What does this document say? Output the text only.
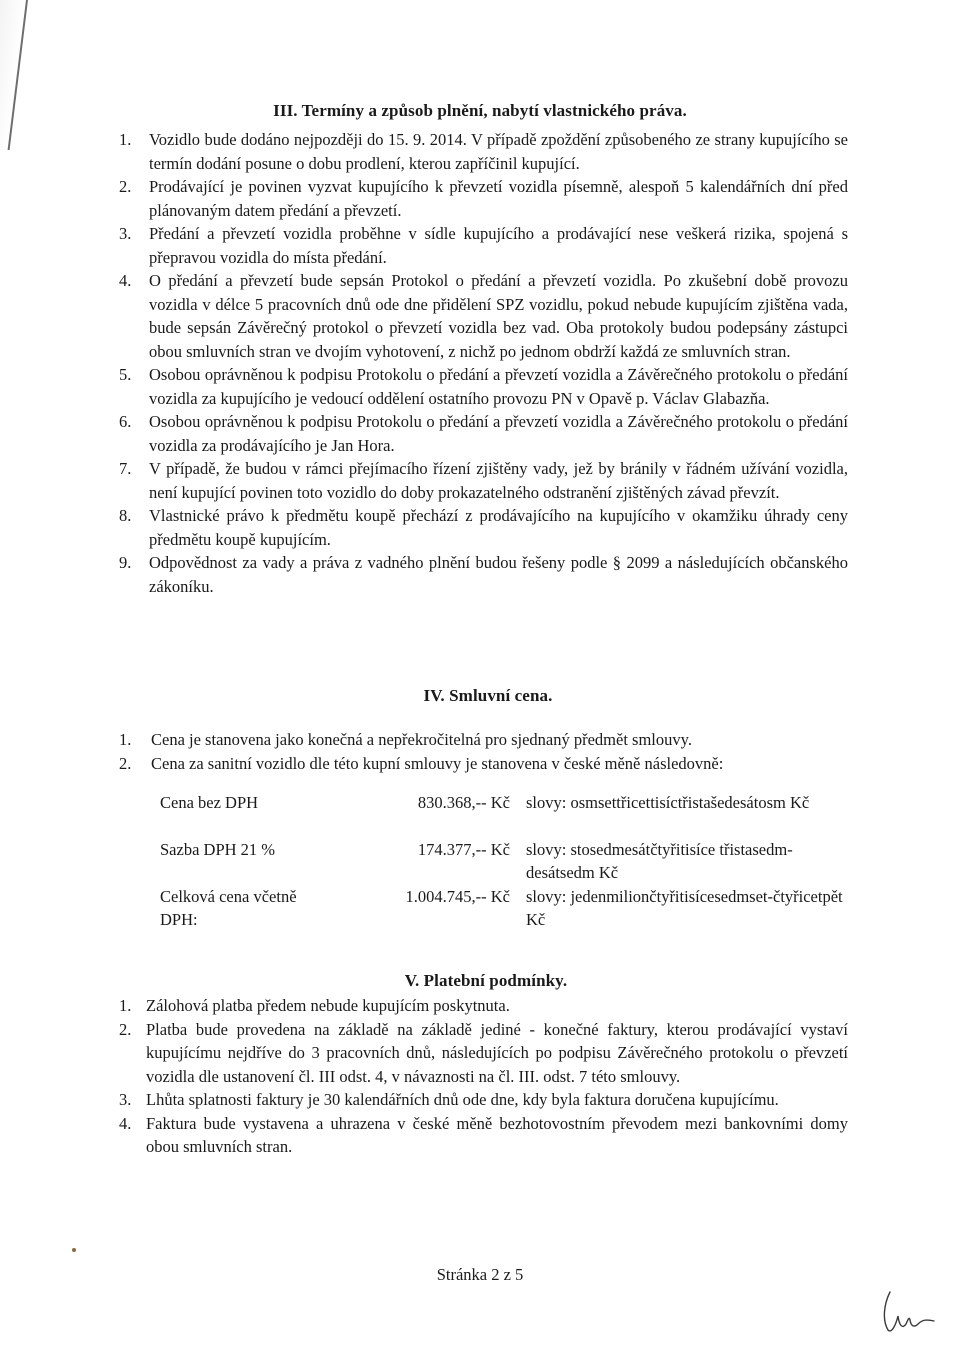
III. Termíny a způsob plnění, nabytí vlastnického práva.
1. Vozidlo bude dodáno nejpozději do 15. 9. 2014. V případě zpoždění způsobeného ze strany kupujícího se termín dodání posune o dobu prodlení, kterou zapříčinil kupující.
2. Prodávající je povinen vyzvat kupujícího k převzetí vozidla písemně, alespoň 5 kalendářních dní před plánovaným datem předání a převzetí.
3. Předání a převzetí vozidla proběhne v sídle kupujícího a prodávající nese veškerá rizika, spojená s přepravou vozidla do místa předání.
4. O předání a převzetí bude sepsán Protokol o předání a převzetí vozidla. Po zkušební době provozu vozidla v délce 5 pracovních dnů ode dne přidělení SPZ vozidlu, pokud nebude kupujícím zjištěna vada, bude sepsán Závěrečný protokol o převzetí vozidla bez vad. Oba protokoly budou podepsány zástupci obou smluvních stran ve dvojím vyhotovení, z nichž po jednom obdrží každá ze smluvních stran.
5. Osobou oprávněnou k podpisu Protokolu o předání a převzetí vozidla a Závěrečného protokolu o předání vozidla za kupujícího je vedoucí oddělení ostatního provozu PN v Opavě p. Václav Glabazňa.
6. Osobou oprávněnou k podpisu Protokolu o předání a převzetí vozidla a Závěrečného protokolu o předání vozidla za prodávajícího je Jan Hora.
7. V případě, že budou v rámci přejímacího řízení zjištěny vady, jež by bránily v řádném užívání vozidla, není kupující povinen toto vozidlo do doby prokazatelného odstranění zjištěných závad převzít.
8. Vlastnické právo k předmětu koupě přechází z prodávajícího na kupujícího v okamžiku úhrady ceny předmětu koupě kupujícím.
9. Odpovědnost za vady a práva z vadného plnění budou řešeny podle § 2099 a následujících občanského zákoníku.
IV. Smluvní cena.
1. Cena je stanovena jako konečná a nepřekročitelná pro sjednaný předmět smlouvy.
2. Cena za sanitní vozidlo dle této kupní smlouvy je stanovena v české měně následovně:
Cena bez DPH	830.368,-- Kč slovy: osmsettřicettisíctřistašedesátosm Kč
Sazba DPH 21 %	174.377,-- Kč slovy: stosedmesátčtyřitisíce třistasedm-desátsedm Kč
Celková cena včetně DPH:
1.004.745,-- Kč slovy: jedenmiliončtyřitisícesedmset-čtyřicetpět Kč
V. Platební podmínky.
1. Zálohová platba předem nebude kupujícím poskytnuta.
2. Platba bude provedena na základě na základě jediné - konečné faktury, kterou prodávající vystaví kupujícímu nejdříve do 3 pracovních dnů, následujících po podpisu Závěrečného protokolu o převzetí vozidla dle ustanovení čl. III odst. 4, v návaznosti na čl. III. odst. 7 této smlouvy.
3. Lhůta splatnosti faktury je 30 kalendářních dnů ode dne, kdy byla faktura doručena kupujícímu.
4. Faktura bude vystavena a uhrazena v české měně bezhotovostním převodem mezi bankovními domy obou smluvních stran.
Stránka 2 z 5
